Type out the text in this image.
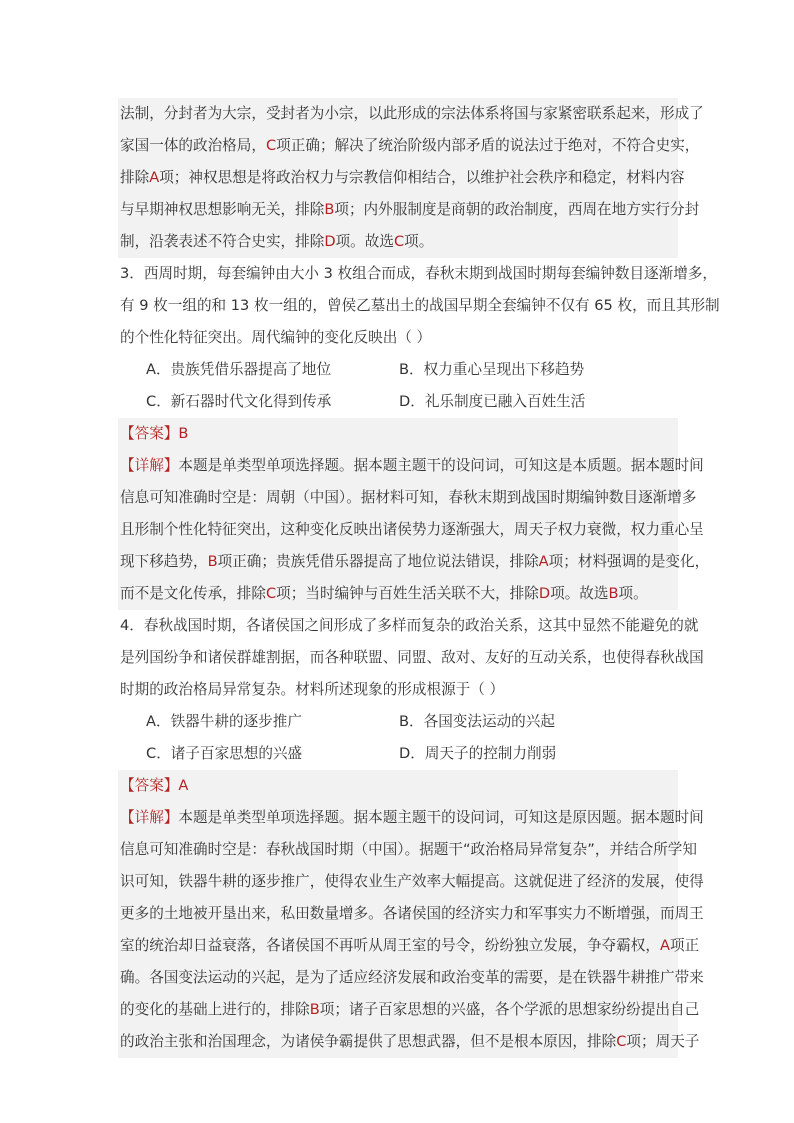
法制，分封者为大宗，受封者为小宗，以此形成的宗法体系将国与家紧密联系起来，形成了
家国一体的政治格局，C项正确；解决了统治阶级内部矛盾的说法过于绝对，不符合史实，
排除A项；神权思想是将政治权力与宗教信仰相结合，以维护社会秩序和稳定，材料内容
与早期神权思想影响无关，排除B项；内外服制度是商朝的政治制度，西周在地方实行分封
制，沿袭表述不符合史实，排除D项。故选C项。
3．西周时期，每套编钟由大小 3 枚组合而成，春秋末期到战国时期每套编钟数目逐渐增多，
有 9 枚一组的和 13 枚一组的，曾侯乙墓出土的战国早期全套编钟不仅有 65 枚，而且其形制
的个性化特征突出。周代编钟的变化反映出（ ）
A．贵族凭借乐器提高了地位	B．权力重心呈现出下移趋势
C．新石器时代文化得到传承	D．礼乐制度已融入百姓生活
【答案】B
【详解】本题是单类型单项选择题。据本题主题干的设问词，可知这是本质题。据本题时间
信息可知准确时空是：周朝（中国）。据材料可知，春秋末期到战国时期编钟数目逐渐增多
且形制个性化特征突出，这种变化反映出诸侯势力逐渐强大，周天子权力衰微，权力重心呈
现下移趋势，B项正确；贵族凭借乐器提高了地位说法错误，排除A项；材料强调的是变化，
而不是文化传承，排除C项；当时编钟与百姓生活关联不大，排除D项。故选B项。
4．春秋战国时期，各诸侯国之间形成了多样而复杂的政治关系，这其中显然不能避免的就
是列国纷争和诸侯群雄割据，而各种联盟、同盟、敌对、友好的互动关系，也使得春秋战国
时期的政治格局异常复杂。材料所述现象的形成根源于（ ）
A．铁器牛耕的逐步推广	B．各国变法运动的兴起
C．诸子百家思想的兴盛	D．周天子的控制力削弱
【答案】A
【详解】本题是单类型单项选择题。据本题主题干的设问词，可知这是原因题。据本题时间
信息可知准确时空是：春秋战国时期（中国）。据题干“政治格局异常复杂”，并结合所学知
识可知，铁器牛耕的逐步推广，使得农业生产效率大幅提高。这就促进了经济的发展，使得
更多的土地被开垦出来，私田数量增多。各诸侯国的经济实力和军事实力不断增强，而周王
室的统治却日益衰落，各诸侯国不再听从周王室的号令，纷纷独立发展，争夺霸权，A项正
确。各国变法运动的兴起，是为了适应经济发展和政治变革的需要，是在铁器牛耕推广带来
的变化的基础上进行的，排除B项；诸子百家思想的兴盛，各个学派的思想家纷纷提出自己
的政治主张和治国理念，为诸侯争霸提供了思想武器，但不是根本原因，排除C项；周天子
